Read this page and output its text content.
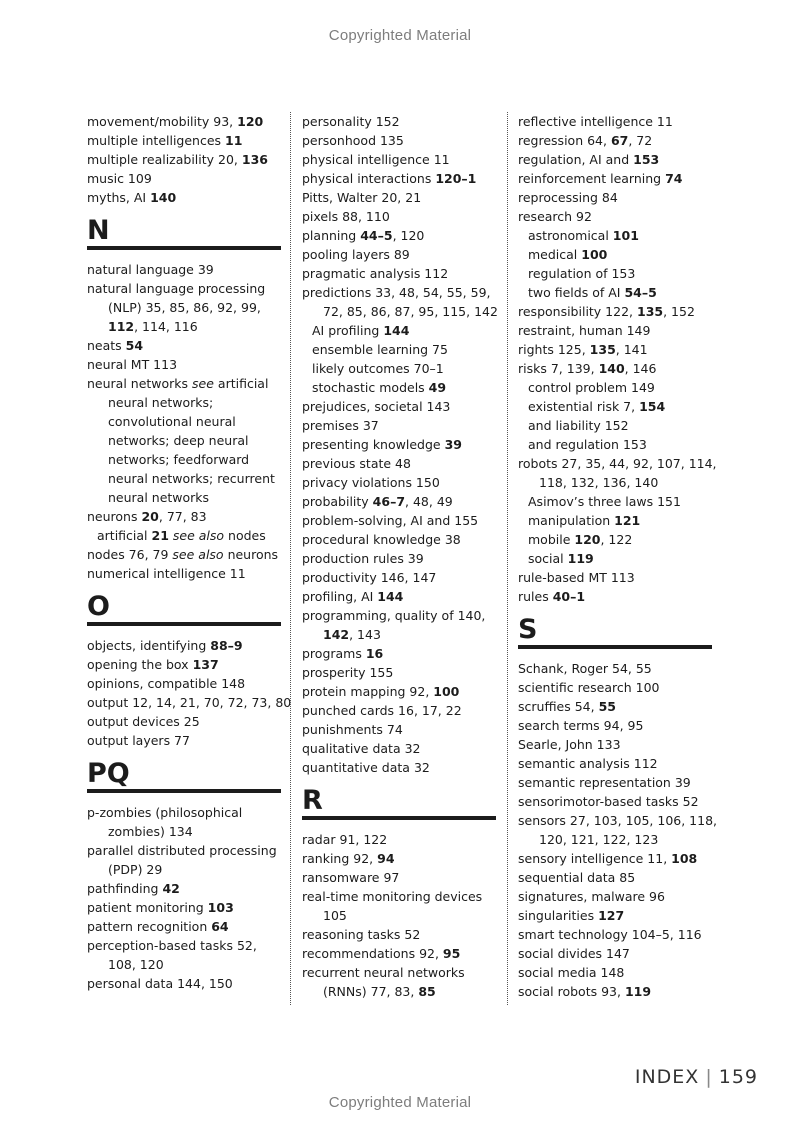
Copyrighted Material
movement/mobility 93, 120
multiple intelligences 11
multiple realizability 20, 136
music 109
myths, AI 140
N
natural language 39
natural language processing
(NLP) 35, 85, 86, 92, 99,
112, 114, 116
neats 54
neural MT 113
neural networks see artificial
neural networks;
convolutional neural
networks; deep neural
networks; feedforward
neural networks; recurrent
neural networks
neurons 20, 77, 83
artificial 21 see also nodes
nodes 76, 79 see also neurons
numerical intelligence 11
O
objects, identifying 88–9
opening the box 137
opinions, compatible 148
output 12, 14, 21, 70, 72, 73, 80
output devices 25
output layers 77
PQ
p-zombies (philosophical
zombies) 134
parallel distributed processing
(PDP) 29
pathfinding 42
patient monitoring 103
pattern recognition 64
perception-based tasks 52,
108, 120
personal data 144, 150
personality 152
personhood 135
physical intelligence 11
physical interactions 120–1
Pitts, Walter 20, 21
pixels 88, 110
planning 44–5, 120
pooling layers 89
pragmatic analysis 112
predictions 33, 48, 54, 55, 59,
72, 85, 86, 87, 95, 115, 142
AI profiling 144
ensemble learning 75
likely outcomes 70–1
stochastic models 49
prejudices, societal 143
premises 37
presenting knowledge 39
previous state 48
privacy violations 150
probability 46–7, 48, 49
problem-solving, AI and 155
procedural knowledge 38
production rules 39
productivity 146, 147
profiling, AI 144
programming, quality of 140,
142, 143
programs 16
prosperity 155
protein mapping 92, 100
punched cards 16, 17, 22
punishments 74
qualitative data 32
quantitative data 32
R
radar 91, 122
ranking 92, 94
ransomware 97
real-time monitoring devices
105
reasoning tasks 52
recommendations 92, 95
recurrent neural networks
(RNNs) 77, 83, 85
reflective intelligence 11
regression 64, 67, 72
regulation, AI and 153
reinforcement learning 74
reprocessing 84
research 92
astronomical 101
medical 100
regulation of 153
two fields of AI 54–5
responsibility 122, 135, 152
restraint, human 149
rights 125, 135, 141
risks 7, 139, 140, 146
control problem 149
existential risk 7, 154
and liability 152
and regulation 153
robots 27, 35, 44, 92, 107, 114,
118, 132, 136, 140
Asimov’s three laws 151
manipulation 121
mobile 120, 122
social 119
rule-based MT 113
rules 40–1
S
Schank, Roger 54, 55
scientific research 100
scruffies 54, 55
search terms 94, 95
Searle, John 133
semantic analysis 112
semantic representation 39
sensorimotor-based tasks 52
sensors 27, 103, 105, 106, 118,
120, 121, 122, 123
sensory intelligence 11, 108
sequential data 85
signatures, malware 96
singularities 127
smart technology 104–5, 116
social divides 147
social media 148
social robots 93, 119
INDEX | 159
Copyrighted Material
